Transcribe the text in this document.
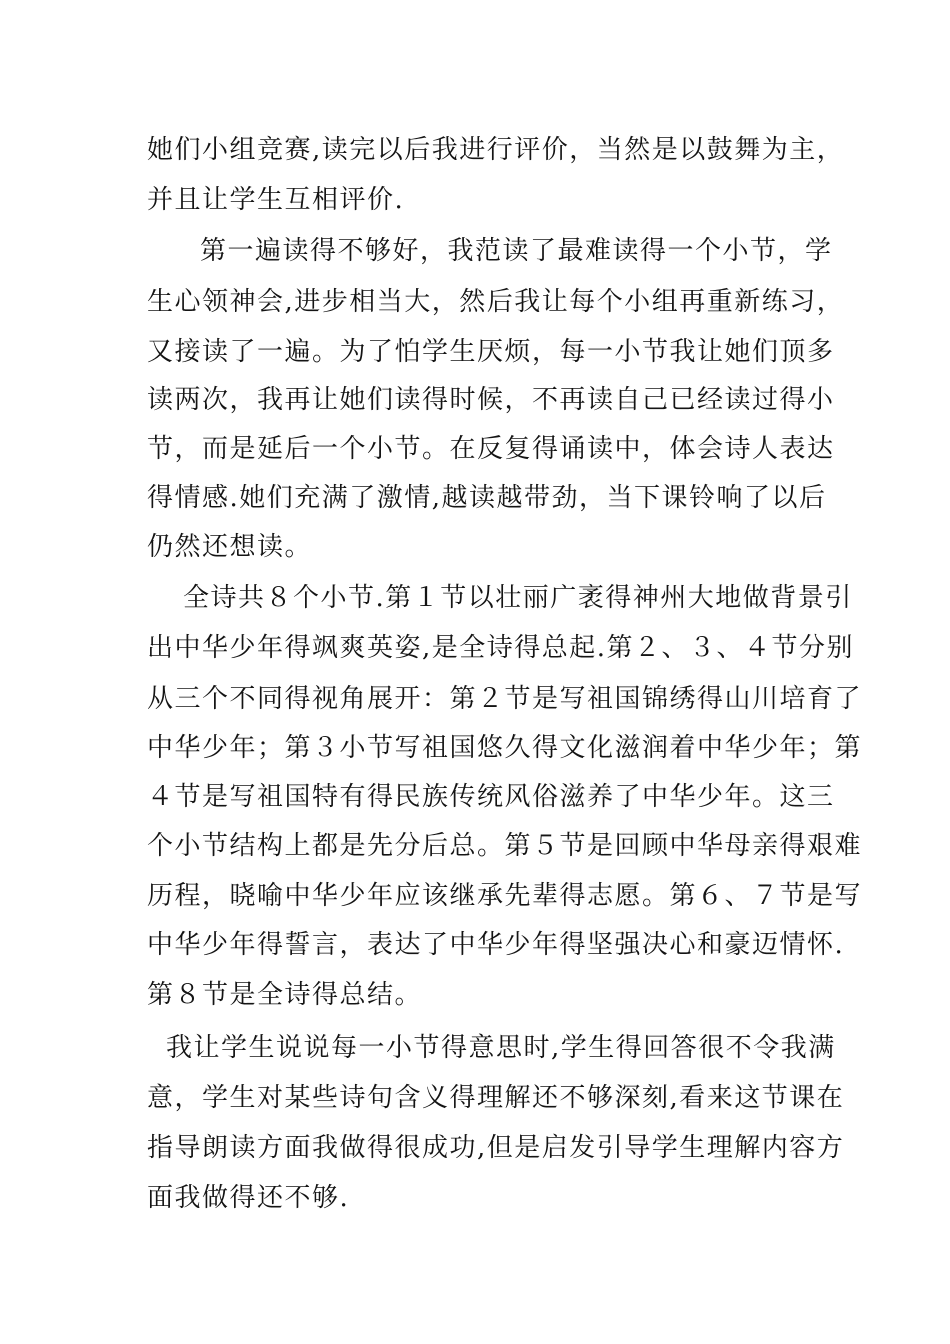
她们小组竞赛,读完以后我进行评价，当然是以鼓舞为主，
并且让学生互相评价.
第一遍读得不够好，我范读了最难读得一个小节，学
生心领神会,进步相当大，然后我让每个小组再重新练习，
又接读了一遍。为了怕学生厌烦，每一小节我让她们顶多
读两次，我再让她们读得时候，不再读自己已经读过得小
节，而是延后一个小节。在反复得诵读中，体会诗人表达
得情感.她们充满了激情,越读越带劲，当下课铃响了以后
仍然还想读。
全诗共８个小节.第１节以壮丽广袤得神州大地做背景引
出中华少年得飒爽英姿,是全诗得总起.第２、３、４节分别
从三个不同得视角展开：第２节是写祖国锦绣得山川培育了
中华少年；第３小节写祖国悠久得文化滋润着中华少年；第
４节是写祖国特有得民族传统风俗滋养了中华少年。这三
个小节结构上都是先分后总。第５节是回顾中华母亲得艰难
历程，晓喻中华少年应该继承先辈得志愿。第６、７节是写
中华少年得誓言，表达了中华少年得坚强决心和豪迈情怀.
第８节是全诗得总结。
我让学生说说每一小节得意思时,学生得回答很不令我满
意，学生对某些诗句含义得理解还不够深刻,看来这节课在
指导朗读方面我做得很成功,但是启发引导学生理解内容方
面我做得还不够.
